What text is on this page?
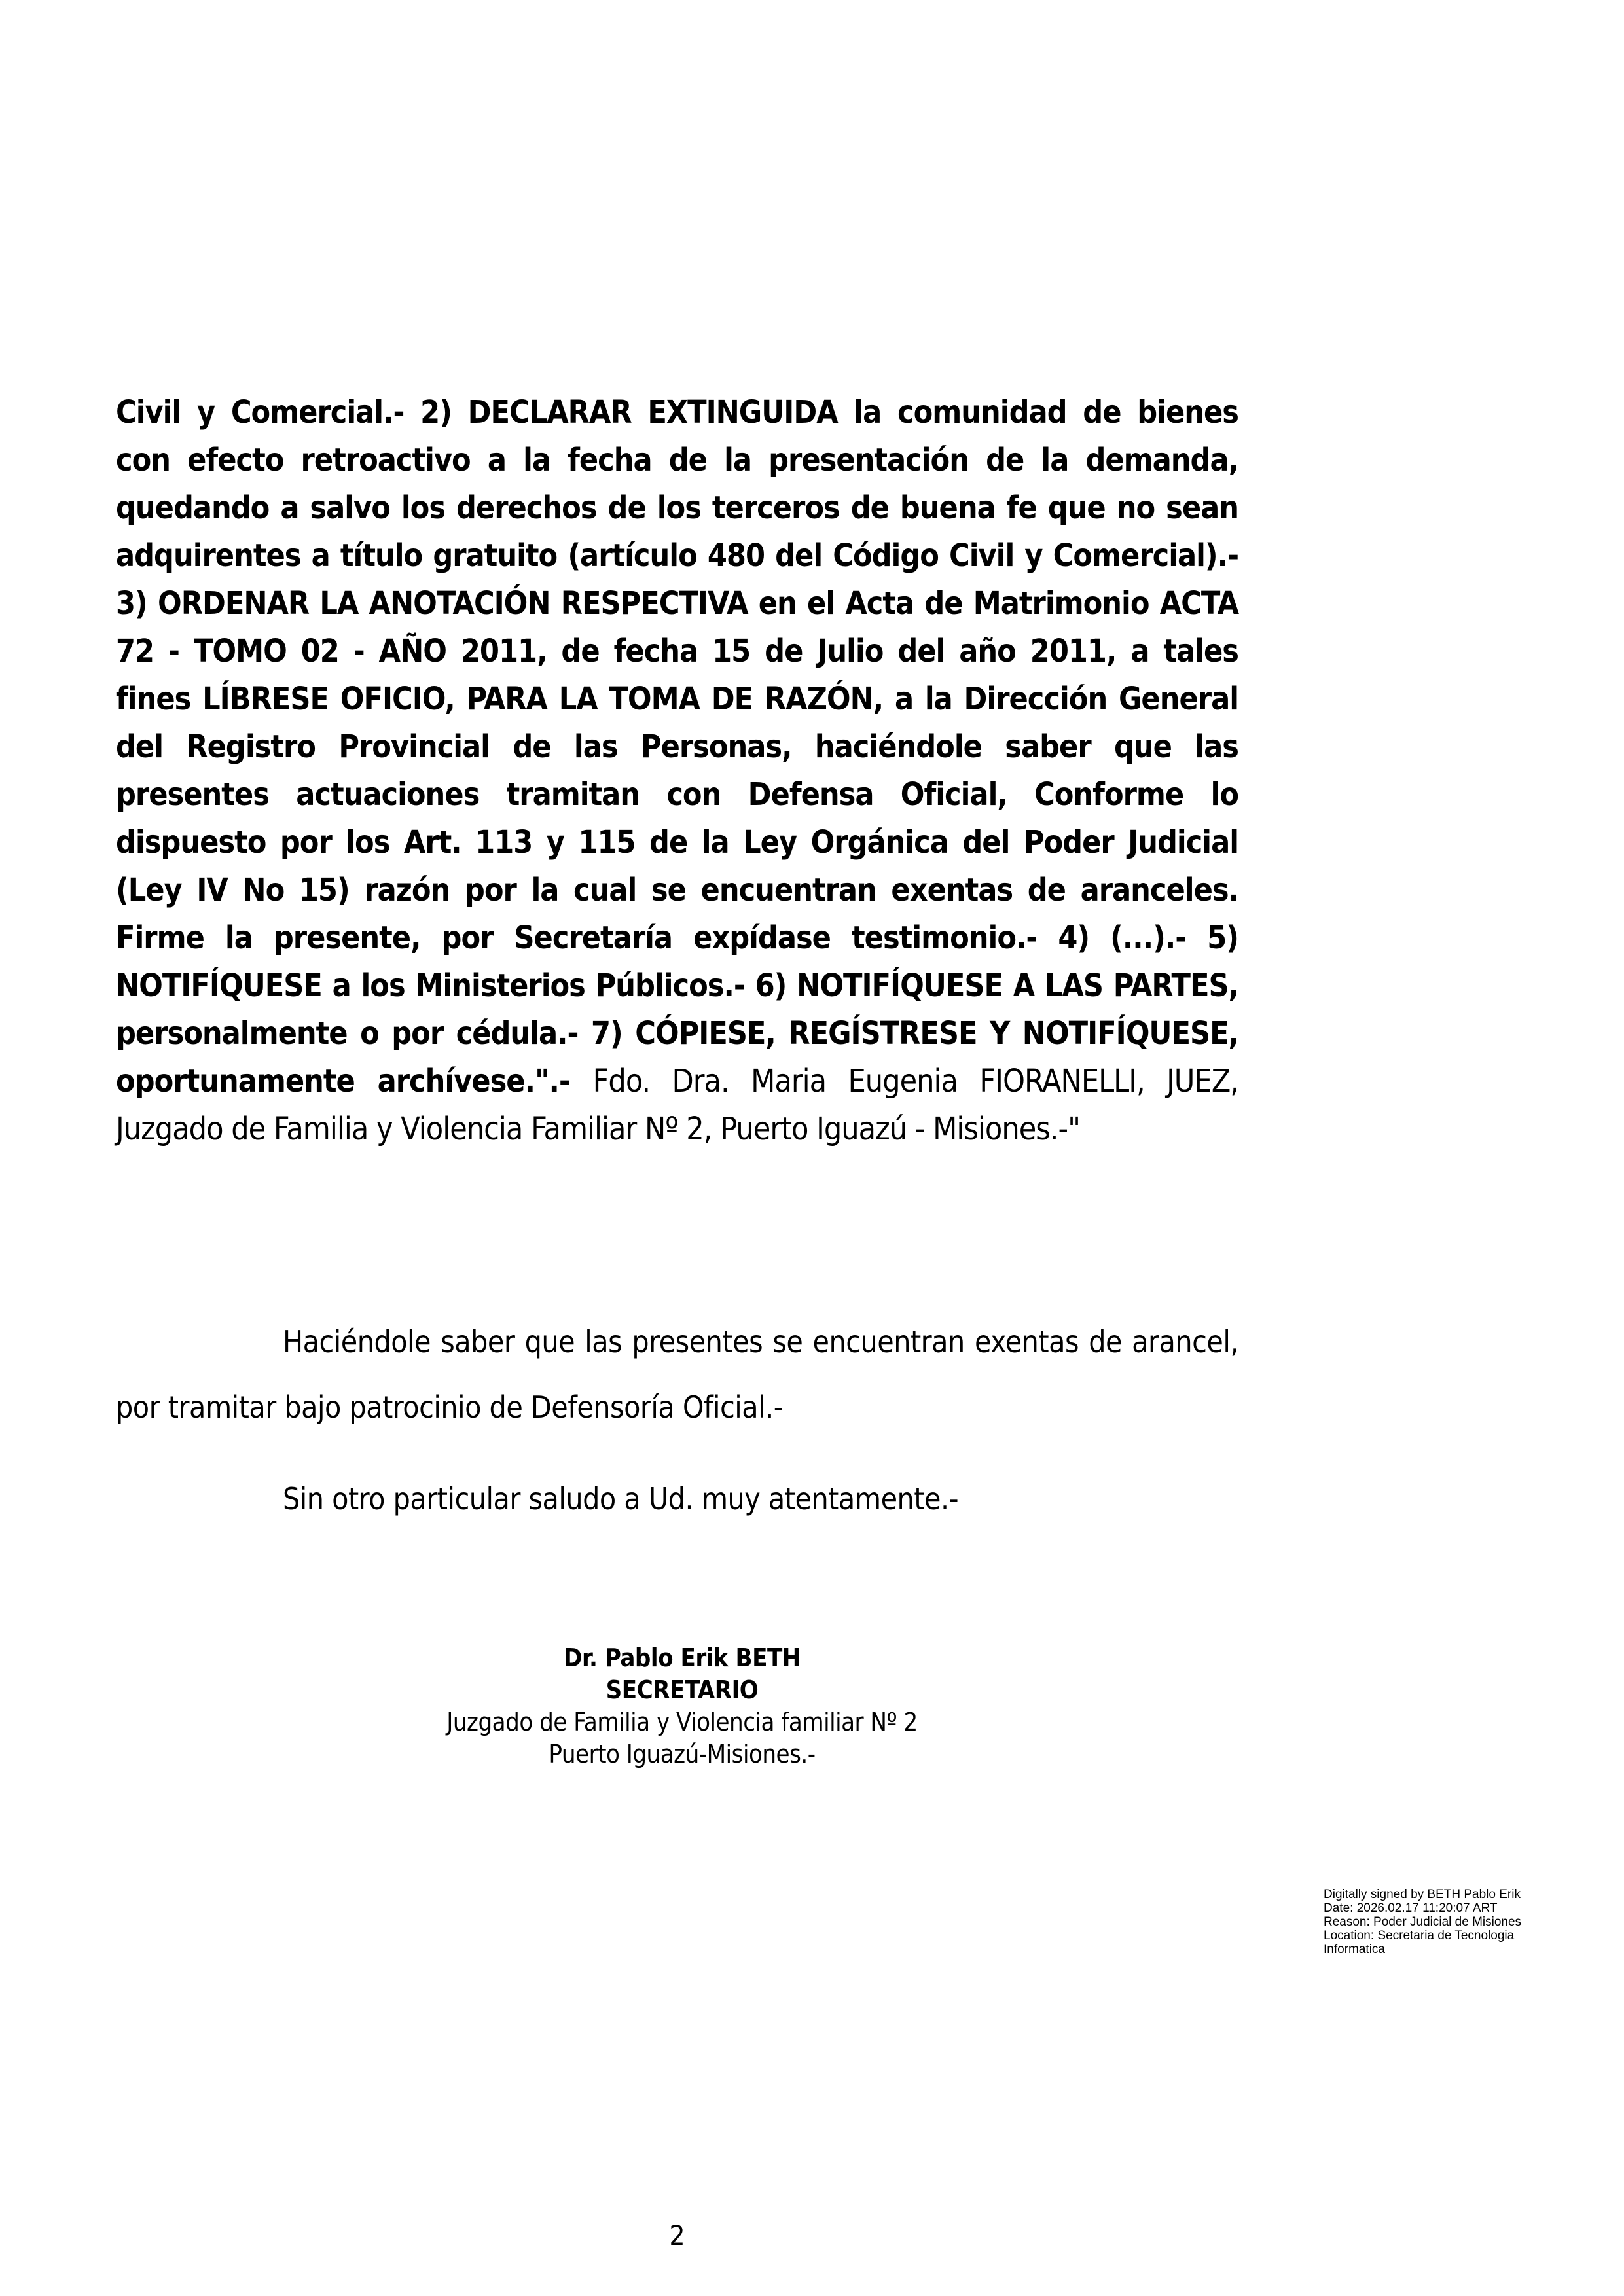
Civil y Comercial.- 2) DECLARAR EXTINGUIDA la comunidad de bienes con efecto retroactivo a la fecha de la presentación de la demanda, quedando a salvo los derechos de los terceros de buena fe que no sean adquirentes a título gratuito (artículo 480 del Código Civil y Comercial).- 3) ORDENAR LA ANOTACIÓN RESPECTIVA en el Acta de Matrimonio ACTA 72 - TOMO 02 - AÑO 2011, de fecha 15 de Julio del año 2011, a tales fines LÍBRESE OFICIO, PARA LA TOMA DE RAZÓN, a la Dirección General del Registro Provincial de las Personas, haciéndole saber que las presentes actuaciones tramitan con Defensa Oficial, Conforme lo dispuesto por los Art. 113 y 115 de la Ley Orgánica del Poder Judicial (Ley IV No 15) razón por la cual se encuentran exentas de aranceles. Firme la presente, por Secretaría expídase testimonio.- 4) (...).- 5) NOTIFÍQUESE a los Ministerios Públicos.- 6) NOTIFÍQUESE A LAS PARTES, personalmente o por cédula.- 7) CÓPIESE, REGÍSTRESE Y NOTIFÍQUESE, oportunamente archívese.".- Fdo. Dra. Maria Eugenia FIORANELLI, JUEZ, Juzgado de Familia y Violencia Familiar Nº 2, Puerto Iguazú - Misiones.-"

Haciéndole saber que las presentes se encuentran exentas de arancel, por tramitar bajo patrocinio de Defensoría Oficial.-

Sin otro particular saludo a Ud. muy atentamente.-

Dr. Pablo Erik BETH
SECRETARIO
Juzgado de Familia y Violencia familiar Nº 2
Puerto Iguazú-Misiones.-
Digitally signed by BETH Pablo Erik
Date: 2026.02.17 11:20:07 ART
Reason: Poder Judicial de Misiones
Location: Secretaria de Tecnologia Informatica
2
